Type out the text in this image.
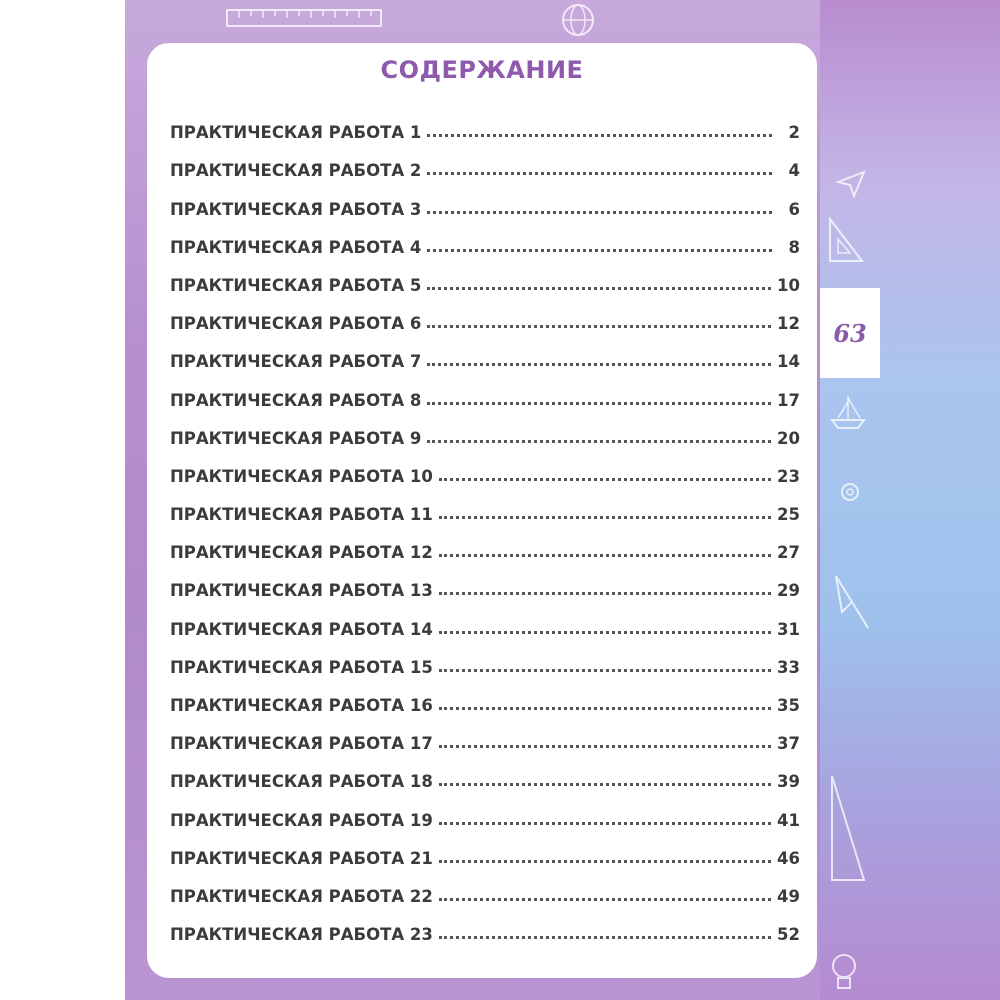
63
СОДЕРЖАНИЕ
ПРАКТИЧЕСКАЯ РАБОТА 1	2
ПРАКТИЧЕСКАЯ РАБОТА 2	4
ПРАКТИЧЕСКАЯ РАБОТА 3	6
ПРАКТИЧЕСКАЯ РАБОТА 4	8
ПРАКТИЧЕСКАЯ РАБОТА 5	10
ПРАКТИЧЕСКАЯ РАБОТА 6	12
ПРАКТИЧЕСКАЯ РАБОТА 7	14
ПРАКТИЧЕСКАЯ РАБОТА 8	17
ПРАКТИЧЕСКАЯ РАБОТА 9	20
ПРАКТИЧЕСКАЯ РАБОТА 10	23
ПРАКТИЧЕСКАЯ РАБОТА 11	25
ПРАКТИЧЕСКАЯ РАБОТА 12	27
ПРАКТИЧЕСКАЯ РАБОТА 13	29
ПРАКТИЧЕСКАЯ РАБОТА 14	31
ПРАКТИЧЕСКАЯ РАБОТА 15	33
ПРАКТИЧЕСКАЯ РАБОТА 16	35
ПРАКТИЧЕСКАЯ РАБОТА 17	37
ПРАКТИЧЕСКАЯ РАБОТА 18	39
ПРАКТИЧЕСКАЯ РАБОТА 19	41
ПРАКТИЧЕСКАЯ РАБОТА 21	46
ПРАКТИЧЕСКАЯ РАБОТА 22	49
ПРАКТИЧЕСКАЯ РАБОТА 23	52
